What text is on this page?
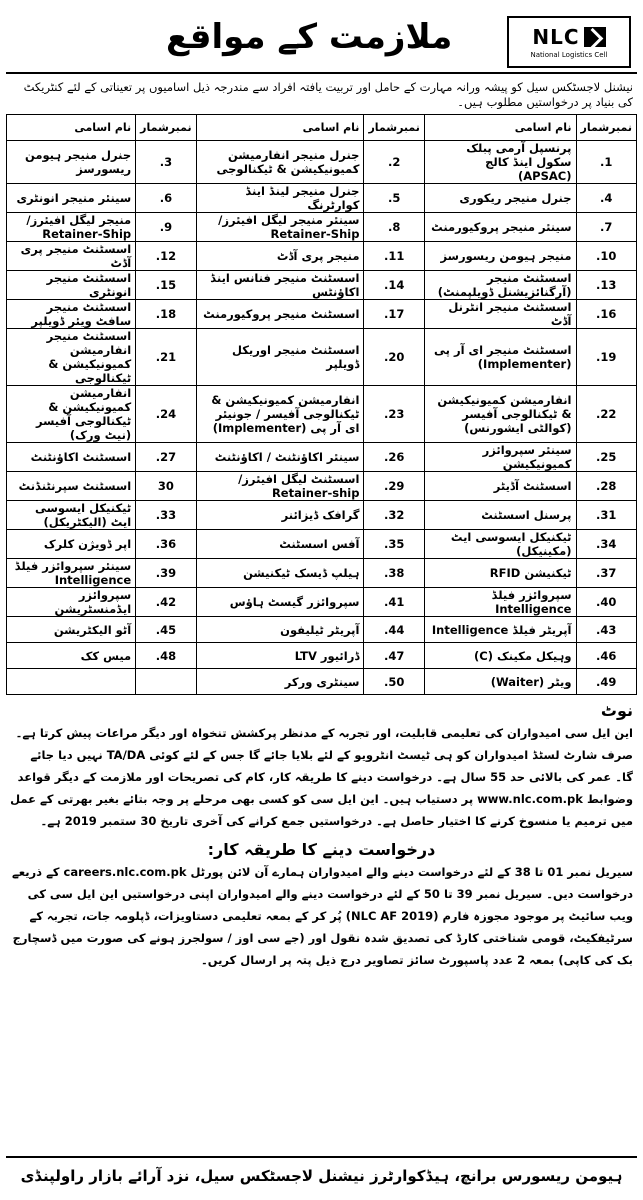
ملازمت کے مواقع	NLC
National Logistics Cell
نیشنل لاجسٹکس سیل کو پیشہ ورانہ مہارت کے حامل اور تربیت یافتہ افراد سے مندرجہ ذیل اسامیوں پر تعیناتی کے لئے کنٹریکٹ کی بنیاد پر درخواستیں مطلوب ہیں۔
نمبرشمار	نام اسامی	نمبرشمار	نام اسامی	نمبرشمار	نام اسامی
1.	پرنسپل آرمی پبلک سکول اینڈ کالج (APSAC)	2.	جنرل منیجر انفارمیشن کمیونیکیشن & ٹیکنالوجی	3.	جنرل منیجر ہیومن ریسورسز
4.	جنرل منیجر ریکوری	5.	جنرل منیجر لینڈ اینڈ کوارٹرنگ	6.	سینئر منیجر انونٹری
7.	سینئر منیجر پروکیورمنٹ	8.	سینئر منیجر لیگل افیئرز/ Retainer-Ship	9.	منیجر لیگل افیئرز/ Retainer-Ship
10.	منیجر ہیومن ریسورسز	11.	منیجر پری آڈٹ	12.	اسسٹنٹ منیجر پری آڈٹ
13.	اسسٹنٹ منیجر (آرگنائزیشنل ڈویلپمنٹ)	14.	اسسٹنٹ منیجر فنانس اینڈ اکاؤنٹس	15.	اسسٹنٹ منیجر انونٹری
16.	اسسٹنٹ منیجر انٹرنل آڈٹ	17.	اسسٹنٹ منیجر پروکیورمنٹ	18.	اسسٹنٹ منیجر سافٹ ویئر ڈویلپر
19.	اسسٹنٹ منیجر ای آر پی (Implementer)	20.	اسسٹنٹ منیجر اوریکل ڈویلپر	21.	اسسٹنٹ منیجر انفارمیشن کمیونیکیشن & ٹیکنالوجی
22.	انفارمیشن کمیونیکیشن & ٹیکنالوجی آفیسر (کوالٹی ایشورنس)	23.	انفارمیشن کمیونیکیشن & ٹیکنالوجی آفیسر / جونیئر ای آر پی (Implementer)	24.	انفارمیشن کمیونیکیشن & ٹیکنالوجی آفیسر (نیٹ ورک)
25.	سینئر سپروائزر کمیونیکیشن	26.	سینئر اکاؤنٹنٹ / اکاؤنٹنٹ	27.	اسسٹنٹ اکاؤنٹنٹ
28.	اسسٹنٹ آڈیٹر	29.	اسسٹنٹ لیگل افیئرز/ Retainer-ship	30	اسسٹنٹ سپرنٹنڈنٹ
31.	پرسنل اسسٹنٹ	32.	گرافک ڈیزائنر	33.	ٹیکنیکل ایسوسی ایٹ (الیکٹریکل)
34.	ٹیکنیکل ایسوسی ایٹ (مکینیکل)	35.	آفس اسسٹنٹ	36.	اپر ڈویژن کلرک
37.	ٹیکنیشن RFID	38.	ہیلپ ڈیسک ٹیکنیشن	39.	سینئر سپروائزر فیلڈ Intelligence
40.	سپروائزر فیلڈ Intelligence	41.	سپروائزر گیسٹ ہاؤس	42.	سپروائزر ایڈمنسٹریشن
43.	آپریٹر فیلڈ Intelligence	44.	آپریٹر ٹیلیفون	45.	آٹو الیکٹریشن
46.	وہیکل مکینک (C)	47.	ڈرائیور LTV	48.	میس کک
49.	ویٹر (Waiter)	50.	سینٹری ورکر		
نوٹ
این ایل سی امیدواران کی تعلیمی قابلیت، اور تجربہ کے مدنظر پرکشش تنخواہ اور دیگر مراعات پیش کرتا ہے۔ صرف شارٹ لسٹڈ امیدواران کو ہی ٹیسٹ انٹرویو کے لئے بلایا جائے گا جس کے لئے کوئی TA/DA نہیں دیا جائے گا۔ عمر کی بالائی حد 55 سال ہے۔ درخواست دینے کا طریقہ کار، کام کی تصریحات اور ملازمت کے دیگر قواعد وضوابط www.nlc.com.pk پر دستیاب ہیں۔ این ایل سی کو کسی بھی مرحلے پر وجہ بتائے بغیر بھرتی کے عمل میں ترمیم یا منسوخ کرنے کا اختیار حاصل ہے۔ درخواستیں جمع کرانے کی آخری تاریخ 30 ستمبر 2019 ہے۔
درخواست دینے کا طریقہ کار:
سیریل نمبر 01 تا 38 کے لئے درخواست دینے والے امیدواران ہمارے آن لائن پورٹل careers.nlc.com.pk کے ذریعے درخواست دیں۔ سیریل نمبر 39 تا 50 کے لئے درخواست دینے والے امیدواران اپنی درخواستیں این ایل سی کی ویب سائیٹ پر موجود مجوزہ فارم (NLC AF 2019) پُر کر کے بمعہ تعلیمی دستاویزات، ڈپلومہ جات، تجربہ کے سرٹیفکیٹ، قومی شناختی کارڈ کی تصدیق شدہ نقول اور (جے سی اوز / سولجرز ہونے کی صورت میں ڈسچارج بک کی کاپی) بمعہ 2 عدد پاسپورٹ سائز تصاویر درج ذیل پتہ پر ارسال کریں۔
ہیومن ریسورس برانچ، ہیڈکوارٹرز نیشنل لاجسٹکس سیل، نزد آرائے بازار راولپنڈی
